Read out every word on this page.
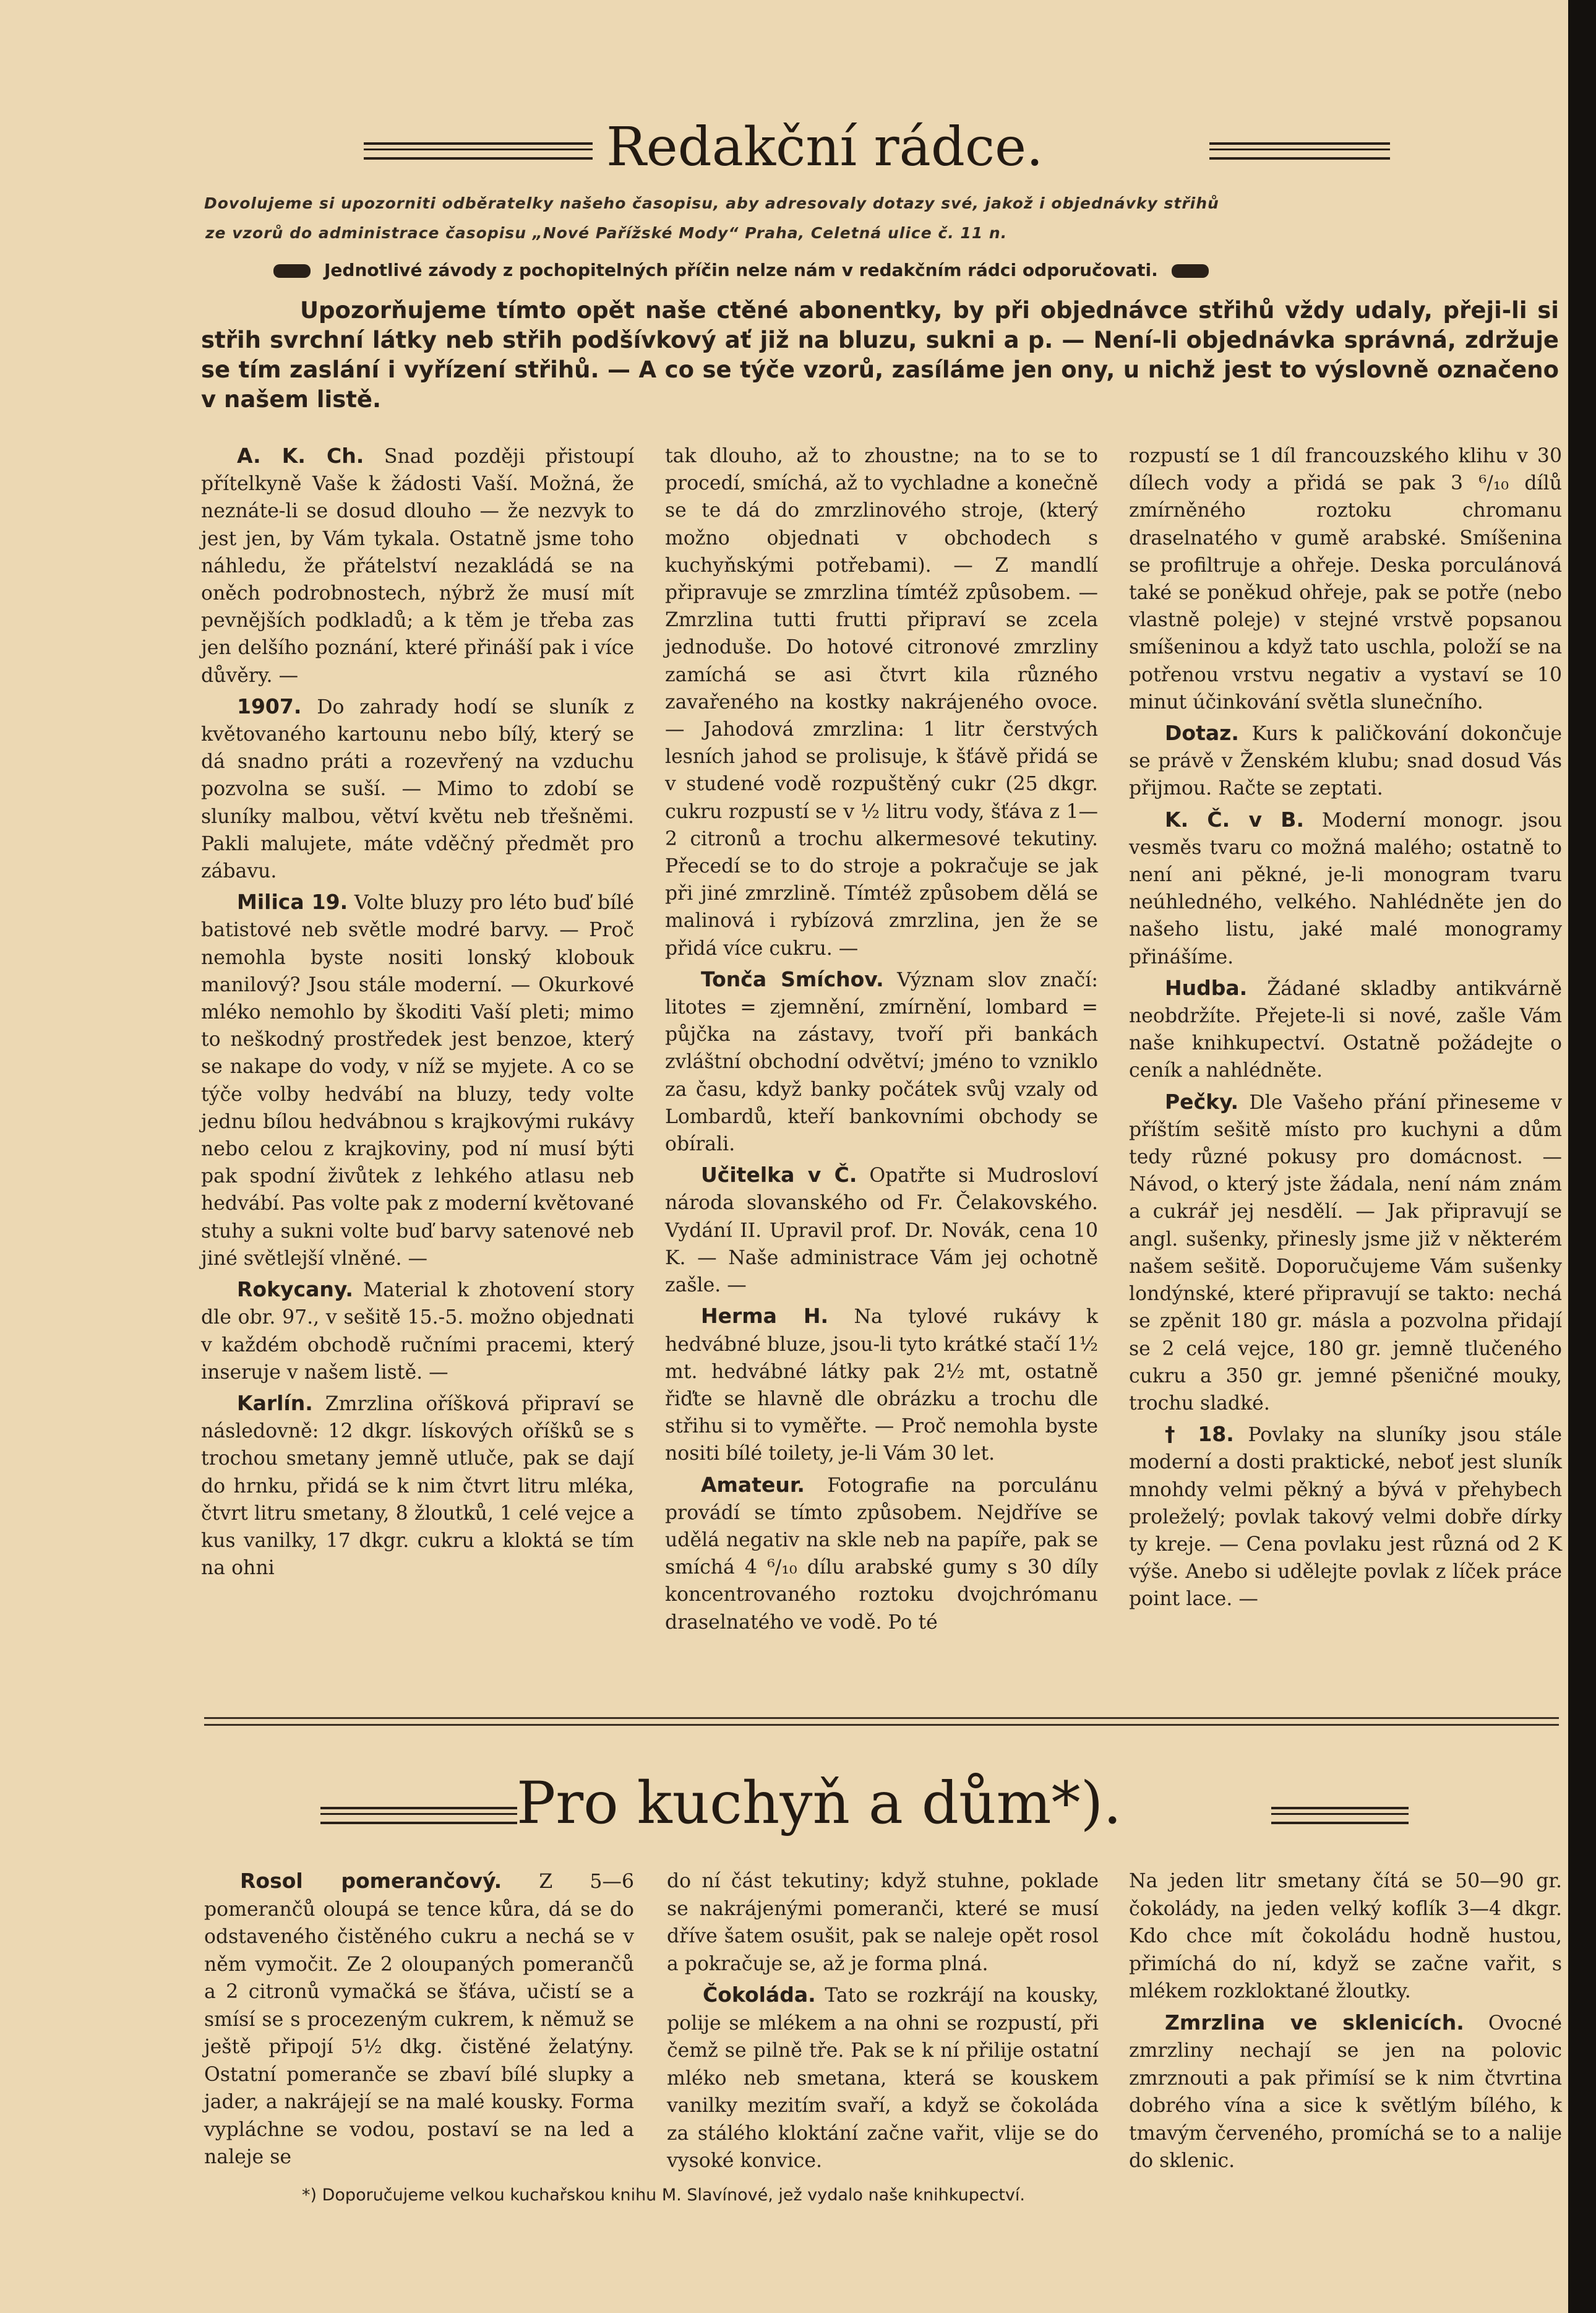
Redakční rádce.
Dovolujeme si upozorniti odběratelky našeho časopisu, aby adresovaly dotazy své, jakož i objednávky střihů
ze vzorů do administrace časopisu „Nové Pařížské Mody“ Praha, Celetná ulice č. 11 n.
Jednotlivé závody z pochopitelných příčin nelze nám v redakčním rádci odporučovati.
Upozorňujeme tímto opět naše ctěné abonentky, by při objednávce střihů vždy udaly, přeji-li si střih svrchní látky neb střih podšívkový ať již na bluzu, sukni a p. — Není-li objednávka správná, zdržuje se tím zaslání i vyřízení střihů. — A co se týče vzorů, zasíláme jen ony, u nichž jest to výslovně označeno v našem listě.

A. K. Ch. Snad později přistoupí přítelkyně Vaše k žádosti Vaší. Možná, že neznáte-li se dosud dlouho — že nezvyk to jest jen, by Vám tykala. Ostatně jsme toho náhledu, že přátelství nezakládá se na oněch podrobnostech, nýbrž že musí mít pevnějších podkladů; a k těm je třeba zas jen delšího poznání, které přináší pak i více důvěry. —

1907. Do zahrady hodí se sluník z květovaného kartounu nebo bílý, který se dá snadno práti a rozevřený na vzduchu pozvolna se suší. — Mimo to zdobí se sluníky malbou, větví květu neb třešněmi. Pakli malujete, máte vděčný předmět pro zábavu.

Milica 19. Volte bluzy pro léto buď bílé batistové neb světle modré barvy. — Proč nemohla byste nositi lonský klobouk manilový? Jsou stále moderní. — Okurkové mléko nemohlo by škoditi Vaší pleti; mimo to neškodný prostředek jest benzoe, který se nakape do vody, v níž se myjete. A co se týče volby hedvábí na bluzy, tedy volte jednu bílou hedvábnou s krajkovými rukávy nebo celou z krajkoviny, pod ní musí býti pak spodní živůtek z lehkého atlasu neb hedvábí. Pas volte pak z moderní květované stuhy a sukni volte buď barvy satenové neb jiné světlejší vlněné. —

Rokycany. Material k zhotovení story dle obr. 97., v sešitě 15.-5. možno objednati v každém obchodě ručními pracemi, který inseruje v našem listě. —

Karlín. Zmrzlina oříšková připraví se následovně: 12 dkgr. lískových oříšků se s trochou smetany jemně utluče, pak se dají do hrnku, přidá se k nim čtvrt litru mléka, čtvrt litru smetany, 8 žloutků, 1 celé vejce a kus vanilky, 17 dkgr. cukru a kloktá se tím na ohni

tak dlouho, až to zhoustne; na to se to procedí, smíchá, až to vychladne a konečně se te dá do zmrzlinového stroje, (který možno objednati v obchodech s kuchyňskými potřebami). — Z mandlí připravuje se zmrzlina tímtéž způsobem. — Zmrzlina tutti frutti připraví se zcela jednoduše. Do hotové citronové zmrzliny zamíchá se asi čtvrt kila různého zavařeného na kostky nakrájeného ovoce. — Jahodová zmrzlina: 1 litr čerstvých lesních jahod se prolisuje, k šťávě přidá se v studené vodě rozpuštěný cukr (25 dkgr. cukru rozpustí se v ½ litru vody, šťáva z 1—2 citronů a trochu alkermesové tekutiny. Přecedí se to do stroje a pokračuje se jak při jiné zmrzlině. Tímtéž způsobem dělá se malinová i rybízová zmrzlina, jen že se přidá více cukru. —

Tonča Smíchov. Význam slov značí: litotes = zjemnění, zmírnění, lombard = půjčka na zástavy, tvoří při bankách zvláštní obchodní odvětví; jméno to vzniklo za času, když banky počátek svůj vzaly od Lombardů, kteří bankovními obchody se obírali.

Učitelka v Č. Opatřte si Mudrosloví národa slovanského od Fr. Čelakovského. Vydání II. Upravil prof. Dr. Novák, cena 10 K. — Naše administrace Vám jej ochotně zašle. —

Herma H. Na tylové rukávy k hedvábné bluze, jsou-li tyto krátké stačí 1½ mt. hedvábné látky pak 2½ mt, ostatně řiďte se hlavně dle obrázku a trochu dle střihu si to vyměřte. — Proč nemohla byste nositi bílé toilety, je-li Vám 30 let.

Amateur. Fotografie na porculánu provádí se tímto způsobem. Nejdříve se udělá negativ na skle neb na papíře, pak se smíchá 4 ⁶/₁₀ dílu arabské gumy s 30 díly koncentrovaného roztoku dvojchrómanu draselnatého ve vodě. Po té

rozpustí se 1 díl francouzského klihu v 30 dílech vody a přidá se pak 3 ⁶/₁₀ dílů zmírněného roztoku chromanu draselnatého v gumě arabské. Smíšenina se profiltruje a ohřeje. Deska porculánová také se poněkud ohřeje, pak se potře (nebo vlastně poleje) v stejné vrstvě popsanou smíšeninou a když tato uschla, položí se na potřenou vrstvu negativ a vystaví se 10 minut účinkování světla slunečního.

Dotaz. Kurs k paličkování dokončuje se právě v Ženském klubu; snad dosud Vás přijmou. Račte se zeptati.

K. Č. v B. Moderní monogr. jsou vesměs tvaru co možná malého; ostatně to není ani pěkné, je-li monogram tvaru neúhledného, velkého. Nahlédněte jen do našeho listu, jaké malé monogramy přinášíme.

Hudba. Žádané skladby antikvárně neobdržíte. Přejete-li si nové, zašle Vám naše knihkupectví. Ostatně požádejte o ceník a nahlédněte.

Pečky. Dle Vašeho přání přineseme v příštím sešitě místo pro kuchyni a dům tedy různé pokusy pro domácnost. — Návod, o který jste žádala, není nám znám a cukrář jej nesdělí. — Jak připravují se angl. sušenky, přinesly jsme již v některém našem sešitě. Doporučujeme Vám sušenky londýnské, které připravují se takto: nechá se zpěnit 180 gr. másla a pozvolna přidají se 2 celá vejce, 180 gr. jemně tlučeného cukru a 350 gr. jemné pšeničné mouky, trochu sladké.

† 18. Povlaky na sluníky jsou stále moderní a dosti praktické, neboť jest sluník mnohdy velmi pěkný a bývá v přehybech proleželý; povlak takový velmi dobře dírky ty kreje. — Cena povlaku jest různá od 2 K výše. Anebo si udělejte povlak z líček práce point lace. —

Pro kuchyň a dům*).

Rosol pomerančový. Z 5—6 pomerančů oloupá se tence kůra, dá se do odstaveného čistěného cukru a nechá se v něm vymočit. Ze 2 oloupaných pomerančů a 2 citronů vymačká se šťáva, učistí se a smísí se s procezeným cukrem, k němuž se ještě připojí 5½ dkg. čistěné želatýny. Ostatní pomeranče se zbaví bílé slupky a jader, a nakrájejí se na malé kousky. Forma vypláchne se vodou, postaví se na led a naleje se

do ní část tekutiny; když stuhne, poklade se nakrájenými pomeranči, které se musí dříve šatem osušit, pak se naleje opět rosol a pokračuje se, až je forma plná.

Čokoláda. Tato se rozkrájí na kousky, polije se mlékem a na ohni se rozpustí, při čemž se pilně tře. Pak se k ní přilije ostatní mléko neb smetana, která se kouskem vanilky mezitím svaří, a když se čokoláda za stálého kloktání začne vařit, vlije se do vysoké konvice.

Na jeden litr smetany čítá se 50—90 gr. čokolády, na jeden velký koflík 3—4 dkgr. Kdo chce mít čokoládu hodně hustou, přimíchá do ní, když se začne vařit, s mlékem rozkloktané žloutky.

Zmrzlina ve sklenicích. Ovocné zmrzliny nechají se jen na polovic zmrznouti a pak přimísí se k nim čtvrtina dobrého vína a sice k světlým bílého, k tmavým červeného, promíchá se to a nalije do sklenic.

*) Doporučujeme velkou kuchařskou knihu M. Slavínové, jež vydalo naše knihkupectví.
